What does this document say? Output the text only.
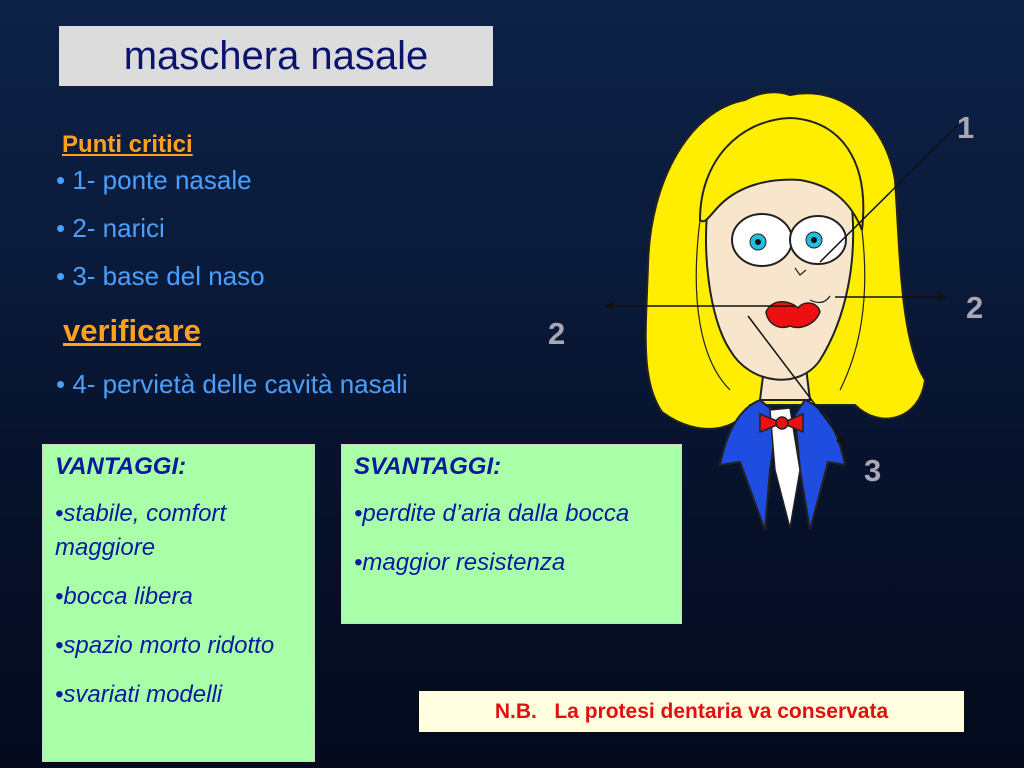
maschera nasale
Punti critici
• 1- ponte nasale
• 2- narici
• 3- base del naso
verificare
• 4- pervietà delle cavità nasali
1
2
2
3
VANTAGGI:
•stabile, comfort maggiore
•bocca libera
•spazio morto ridotto
•svariati modelli
SVANTAGGI:
•perdite d’aria dalla bocca
•maggior resistenza
N.B.   La protesi dentaria va conservata
